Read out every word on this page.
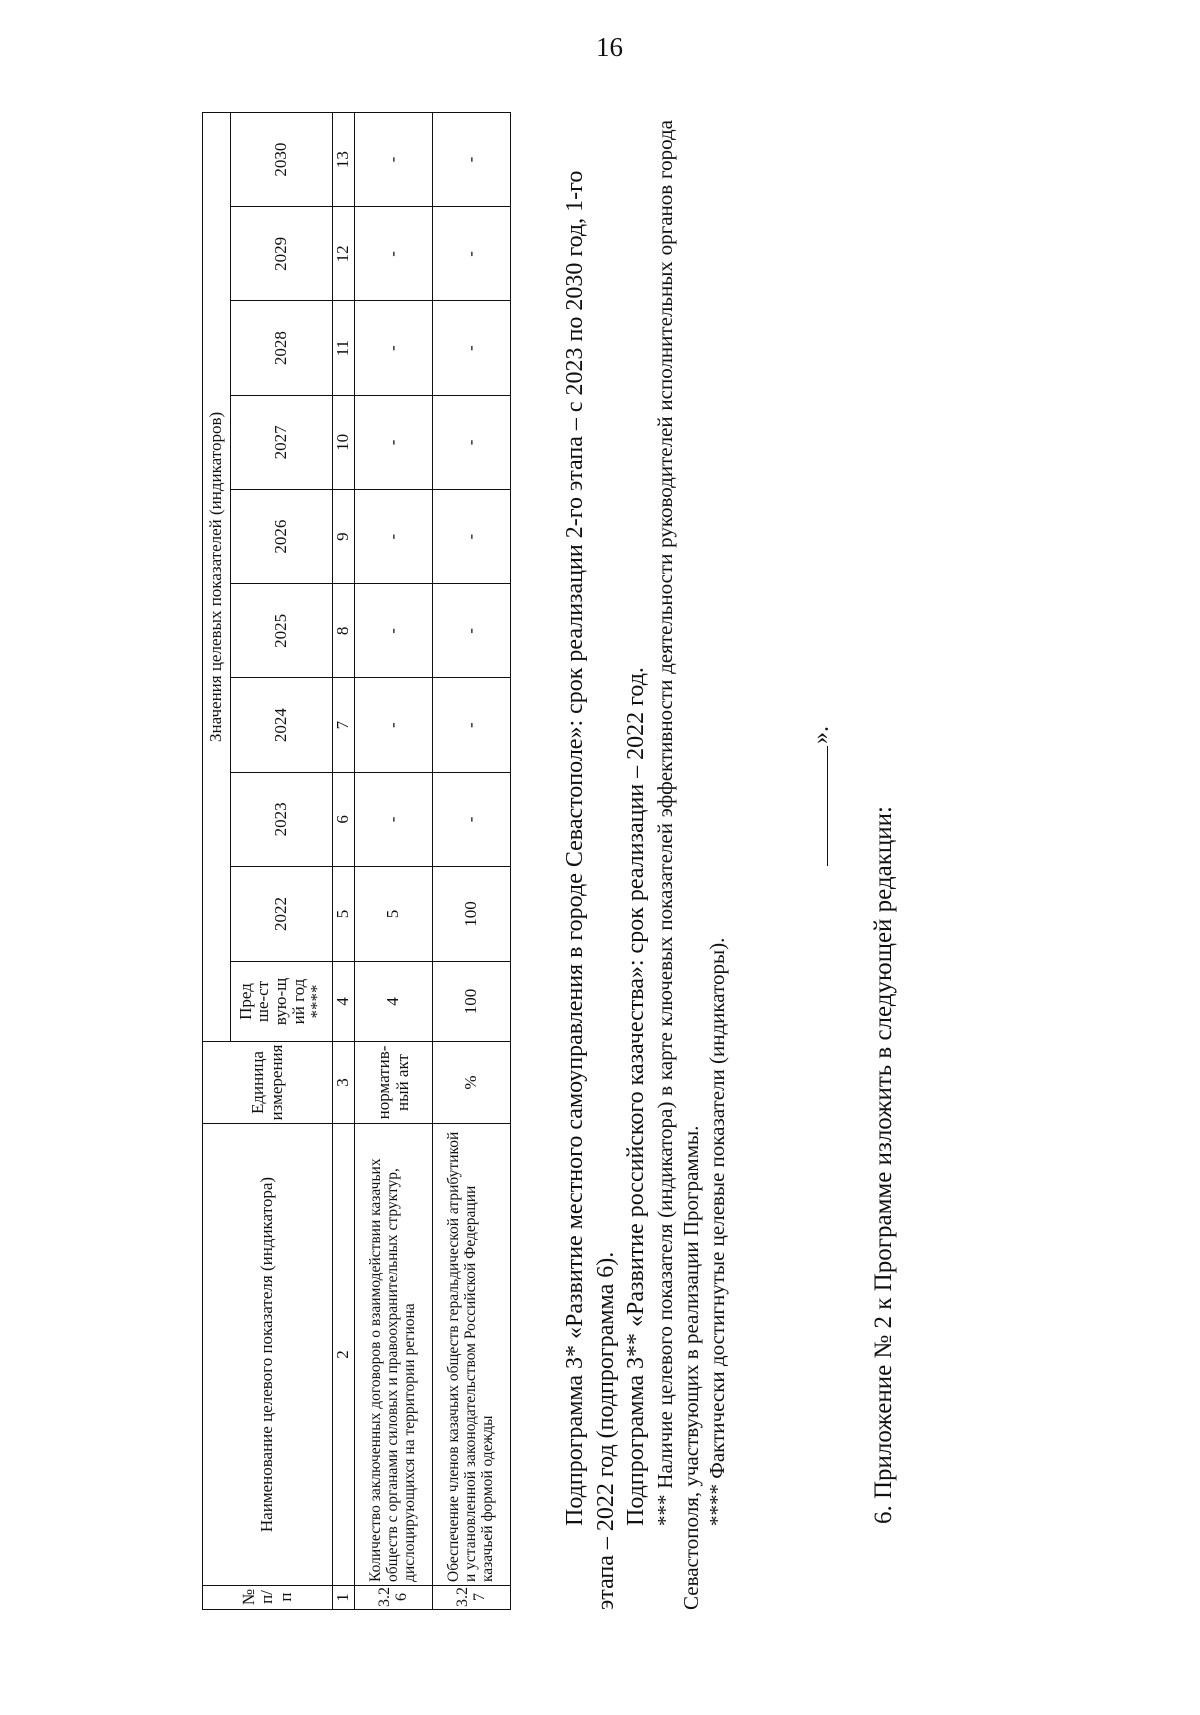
16
№ п/п	Наименование целевого показателя (индикатора)	Единица измерения	Значения целевых показателей (индикаторов)									
			Предше-ствую-щий год****	2022	2023	2024	2025	2026	2027	2028	2029	2030
1	2	3	4	5	6	7	8	9	10	11	12	13
3.26	Количество заключенных договоров о взаимодействии казачьих обществ с органами силовых и правоохранительных структур, дислоцирующихся на территории региона	норматив-ный акт	4	5	-	-	-	-	-	-	-	-
3.27	Обеспечение членов казачьих обществ геральдической атрибутикой и установленной законодательством Российской Федерации казачьей формой одежды	%	100	100	-	-	-	-	-	-	-	-

Подпрограмма 3* «Развитие местного самоуправления в городе Севастополе»: срок реализации 2-го этапа – с 2023 по 2030 год, 1-го этапа – 2022 год (подпрограмма 6). Подпрограмма 3** «Развитие российского казачества»: срок реализации – 2022 год. *** Наличие целевого показателя (индикатора) в карте ключевых показателей эффективности деятельности руководителей исполнительных органов города Севастополя, участвующих в реализации Программы. **** Фактически достигнутые целевые показатели (индикаторы).

».
6. Приложение № 2 к Программе изложить в следующей редакции:
